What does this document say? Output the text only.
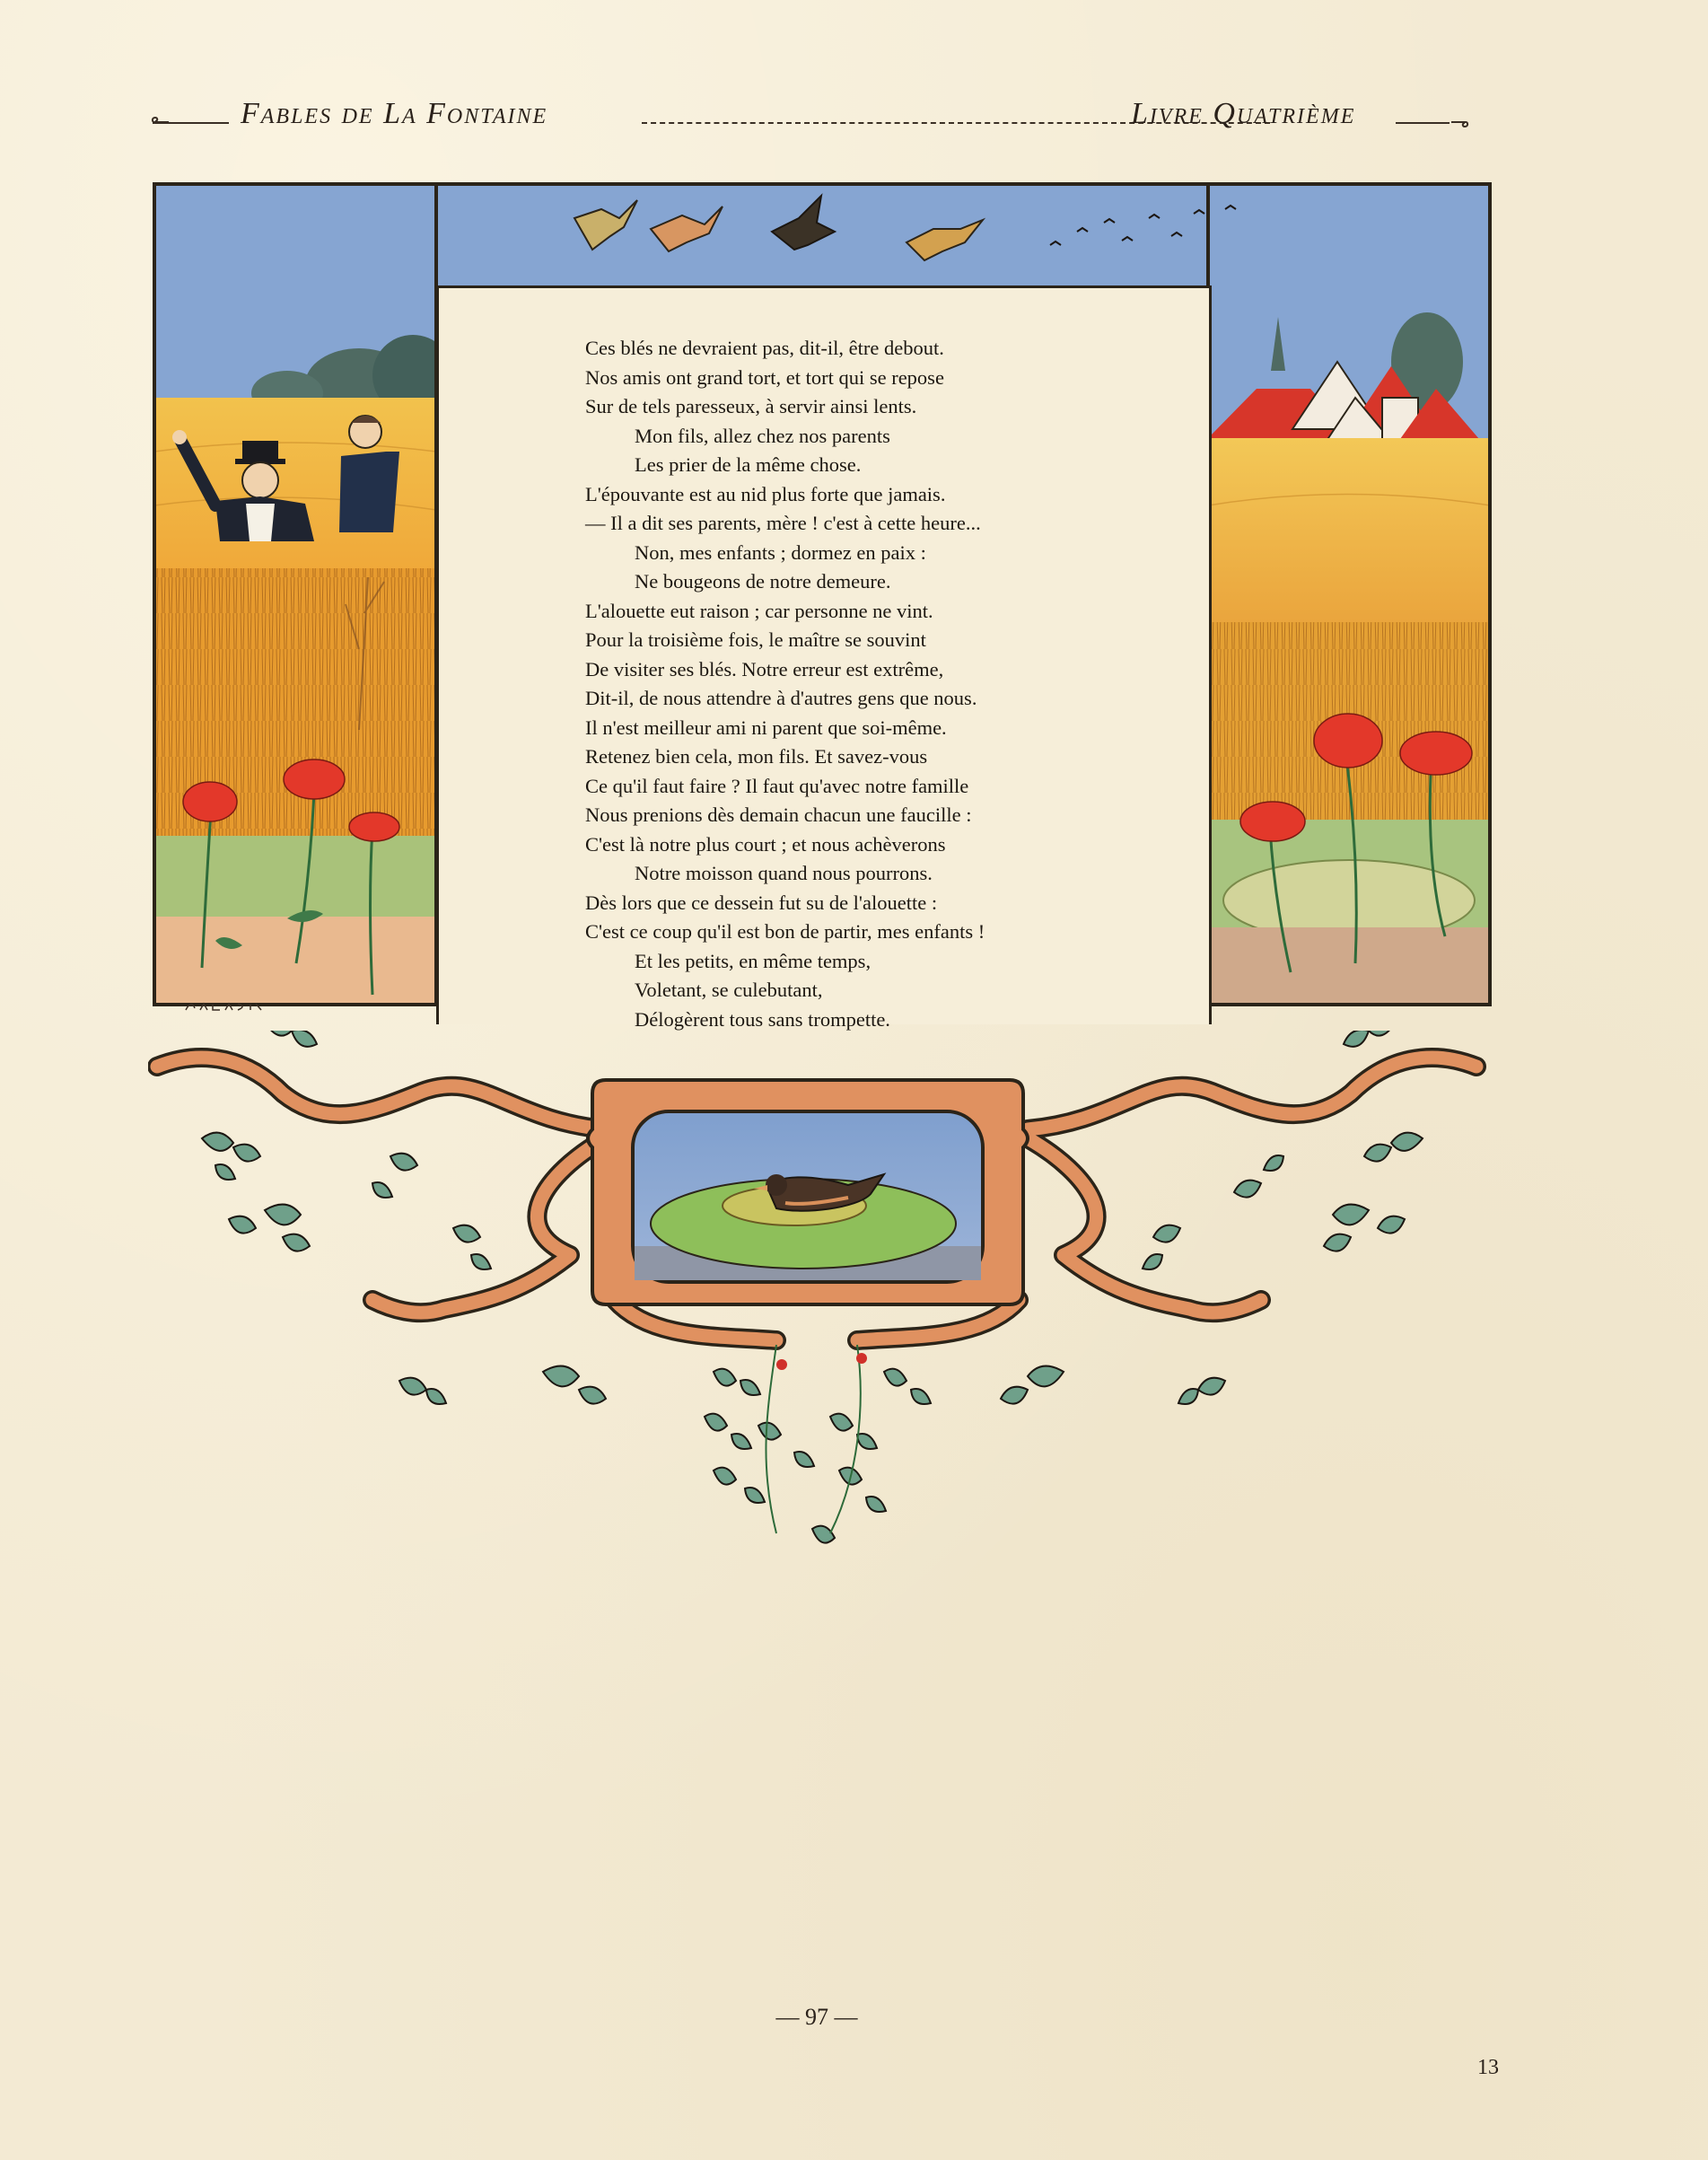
Fables de La Fontaine	Livre Quatrième
Ces blés ne devraient pas, dit-il, être debout.
Nos amis ont grand tort, et tort qui se repose
Sur de tels paresseux, à servir ainsi lents.
Mon fils, allez chez nos parents
Les prier de la même chose.
L'épouvante est au nid plus forte que jamais.
— Il a dit ses parents, mère ! c'est à cette heure...
Non, mes enfants ; dormez en paix :
Ne bougeons de notre demeure.
L'alouette eut raison ; car personne ne vint.
Pour la troisième fois, le maître se souvint
De visiter ses blés. Notre erreur est extrême,
Dit-il, de nous attendre à d'autres gens que nous.
Il n'est meilleur ami ni parent que soi-même.
Retenez bien cela, mon fils. Et savez-vous
Ce qu'il faut faire ? Il faut qu'avec notre famille
Nous prenions dès demain chacun une faucille :
C'est là notre plus court ; et nous achèverons
Notre moisson quand nous pourrons.
Dès lors que ce dessein fut su de l'alouette :
C'est ce coup qu'il est bon de partir, mes enfants !
Et les petits, en même temps,
Voletant, se culebutant,
Délogèrent tous sans trompette.
— 97 —
13
